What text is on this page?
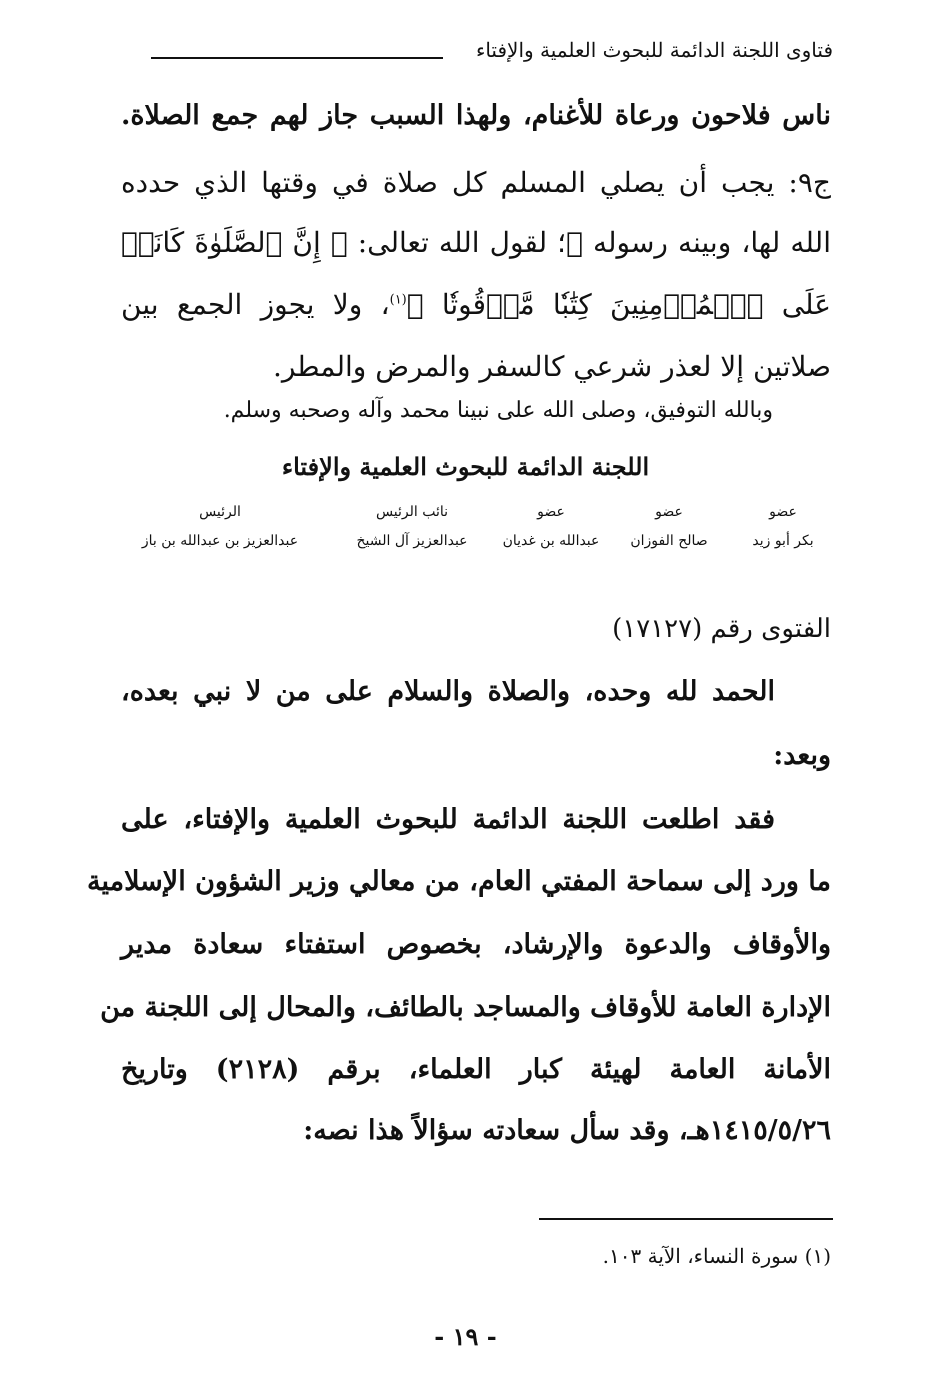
فتاوى اللجنة الدائمة للبحوث العلمية والإفتاء
ناس فلاحون ورعاة للأغنام، ولهذا السبب جاز لهم جمع الصلاة.
ج٩: يجب أن يصلي المسلم كل صلاة في وقتها الذي حدده
الله لها، وبينه رسوله ﷺ؛ لقول الله تعالى: ﴿ إِنَّ ٱلصَّلَوٰةَ كَانَتۡ
عَلَى ٱلۡمُؤۡمِنِينَ كِتَٰبٗا مَّوۡقُوتٗا ﴾$^{(١)}$، ولا يجوز الجمع بين
صلاتين إلا لعذر شرعي كالسفر والمرض والمطر.
وبالله التوفيق، وصلى الله على نبينا محمد وآله وصحبه وسلم.
اللجنة الدائمة للبحوث العلمية والإفتاء
عضو
بكر أبو زيد
عضو
صالح الفوزان
عضو
عبدالله بن غديان
نائب الرئيس
عبدالعزيز آل الشيخ
الرئيس
عبدالعزيز بن عبدالله بن باز
الفتوى رقم (١٧١٢٧)
الحمد لله وحده، والصلاة والسلام على من لا نبي بعده،
وبعد:
فقد اطلعت اللجنة الدائمة للبحوث العلمية والإفتاء، على
ما ورد إلى سماحة المفتي العام، من معالي وزير الشؤون الإسلامية
والأوقاف والدعوة والإرشاد، بخصوص استفتاء سعادة مدير
الإدارة العامة للأوقاف والمساجد بالطائف، والمحال إلى اللجنة من
الأمانة العامة لهيئة كبار العلماء، برقم (٢١٢٨) وتاريخ
١٤١٥/٥/٢٦هـ، وقد سأل سعادته سؤالاً هذا نصه:
(١) سورة النساء، الآية ١٠٣.
- ١٩ -
